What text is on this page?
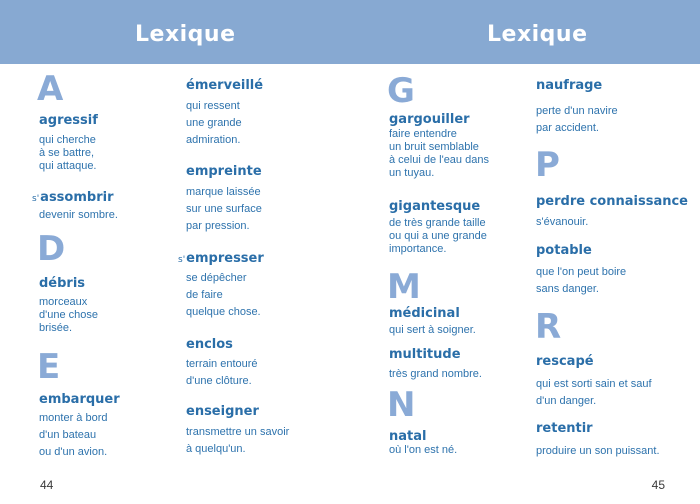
Lexique
A
agressif
qui cherche
à se battre,
qui attaque.
s'assombrir
devenir sombre.
D
débris
morceaux
d'une chose
brisée.
E
embarquer
monter à bord
d'un bateau
ou d'un avion.
émerveillé
qui ressent
une grande
admiration.
empreinte
marque laissée
sur une surface
par pression.
s'empresser
se dépêcher
de faire
quelque chose.
enclos
terrain entouré
d'une clôture.
enseigner
transmettre un savoir
à quelqu'un.
44
Lexique
G
gargouiller
faire entendre
un bruit semblable
à celui de l'eau dans
un tuyau.
gigantesque
de très grande taille
ou qui a une grande
importance.
M
médicinal
qui sert à soigner.
multitude
très grand nombre.
N
natal
où l'on est né.
naufrage
perte d'un navire
par accident.
P
perdre connaissance
s'évanouir.
potable
que l'on peut boire
sans danger.
R
rescapé
qui est sorti sain et sauf
d'un danger.
retentir
produire un son puissant.
45
